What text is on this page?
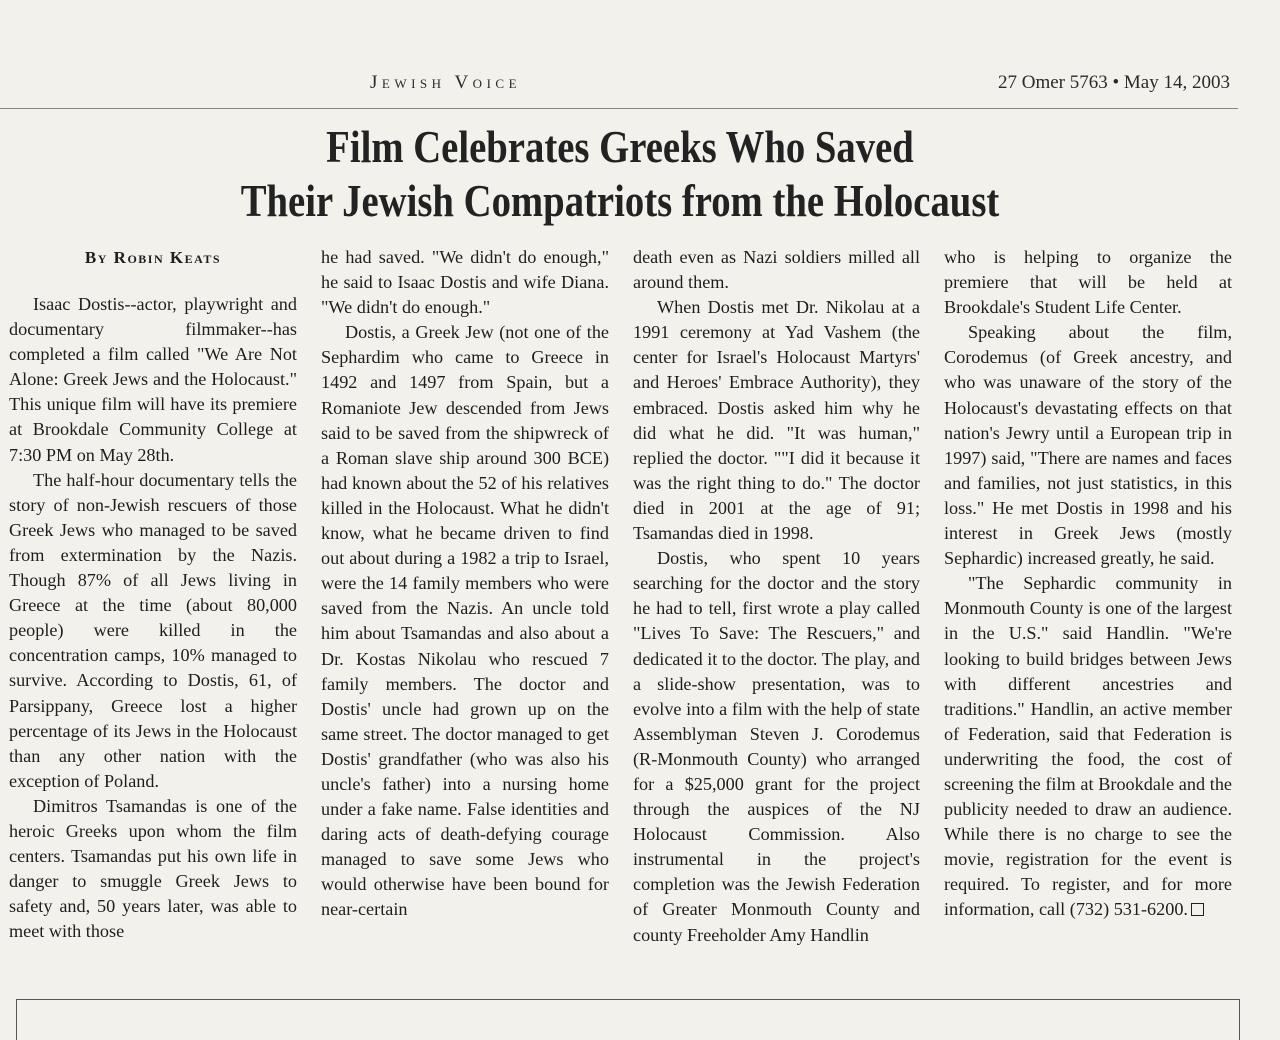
Jewish Voice	27 Omer 5763 • May 14, 2003
Film Celebrates Greeks Who Saved
Their Jewish Compatriots from the Holocaust

By Robin Keats

Isaac Dostis--actor, playwright and documentary filmmaker--has completed a film called "We Are Not Alone: Greek Jews and the Holocaust." This unique film will have its premiere at Brookdale Community College at 7:30 PM on May 28th.

The half-hour documentary tells the story of non-Jewish rescuers of those Greek Jews who managed to be saved from extermination by the Nazis. Though 87% of all Jews living in Greece at the time (about 80,000 people) were killed in the concentration camps, 10% managed to survive. According to Dostis, 61, of Parsippany, Greece lost a higher percentage of its Jews in the Holocaust than any other nation with the exception of Poland.

Dimitros Tsamandas is one of the heroic Greeks upon whom the film centers. Tsamandas put his own life in danger to smuggle Greek Jews to safety and, 50 years later, was able to meet with those

he had saved. "We didn't do enough," he said to Isaac Dostis and wife Diana. "We didn't do enough."

Dostis, a Greek Jew (not one of the Sephardim who came to Greece in 1492 and 1497 from Spain, but a Romaniote Jew descended from Jews said to be saved from the shipwreck of a Roman slave ship around 300 BCE) had known about the 52 of his relatives killed in the Holocaust. What he didn't know, what he became driven to find out about during a 1982 a trip to Israel, were the 14 family members who were saved from the Nazis. An uncle told him about Tsamandas and also about a Dr. Kostas Nikolau who rescued 7 family members. The doctor and Dostis' uncle had grown up on the same street. The doctor managed to get Dostis' grandfather (who was also his uncle's father) into a nursing home under a fake name. False identities and daring acts of death-defying courage managed to save some Jews who would otherwise have been bound for near-certain

death even as Nazi soldiers milled all around them.

When Dostis met Dr. Nikolau at a 1991 ceremony at Yad Vashem (the center for Israel's Holocaust Martyrs' and Heroes' Embrace Authority), they embraced. Dostis asked him why he did what he did. "It was human," replied the doctor. ""I did it because it was the right thing to do." The doctor died in 2001 at the age of 91; Tsamandas died in 1998.

Dostis, who spent 10 years searching for the doctor and the story he had to tell, first wrote a play called "Lives To Save: The Rescuers," and dedicated it to the doctor. The play, and a slide-show presentation, was to evolve into a film with the help of state Assemblyman Steven J. Corodemus (R-Monmouth County) who arranged for a $25,000 grant for the project through the auspices of the NJ Holocaust Commission. Also instrumental in the project's completion was the Jewish Federation of Greater Monmouth County and county Freeholder Amy Handlin

who is helping to organize the premiere that will be held at Brookdale's Student Life Center.

Speaking about the film, Corodemus (of Greek ancestry, and who was unaware of the story of the Holocaust's devastating effects on that nation's Jewry until a European trip in 1997) said, "There are names and faces and families, not just statistics, in this loss." He met Dostis in 1998 and his interest in Greek Jews (mostly Sephardic) increased greatly, he said.

"The Sephardic community in Monmouth County is one of the largest in the U.S." said Handlin. "We're looking to build bridges between Jews with different ancestries and traditions." Handlin, an active member of Federation, said that Federation is underwriting the food, the cost of screening the film at Brookdale and the publicity needed to draw an audience. While there is no charge to see the movie, registration for the event is required. To register, and for more information, call (732) 531-6200.
